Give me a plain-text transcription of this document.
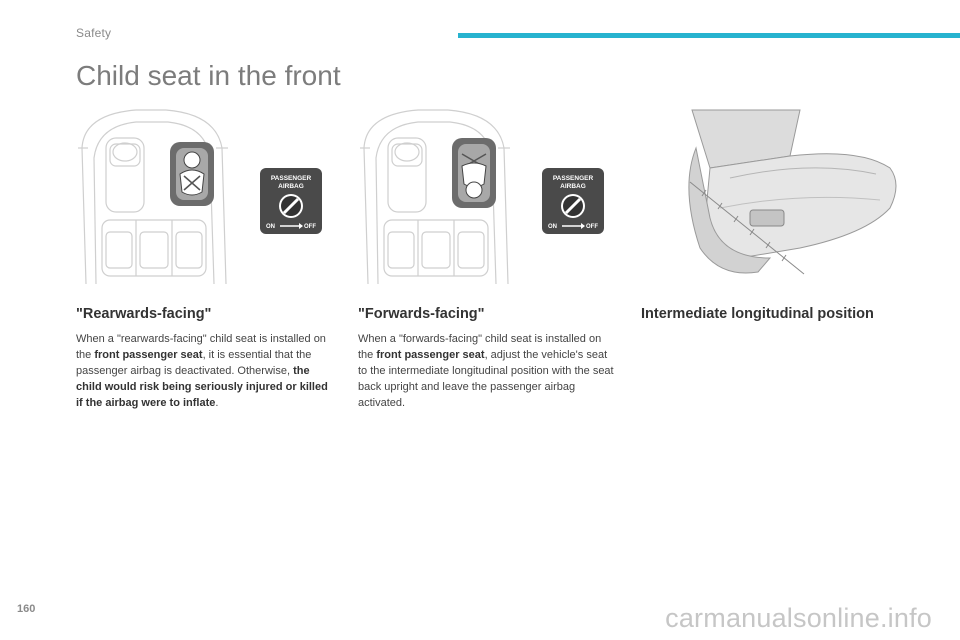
Safety
Child seat in the front
PASSENGER
AIRBAG
ON	OFF
PASSENGER
AIRBAG
ON	OFF
"Rearwards-facing"

When a "rearwards-facing" child seat is installed on the front passenger seat, it is essential that the passenger airbag is deactivated. Otherwise, the child would risk being seriously injured or killed if the airbag were to inflate.

"Forwards-facing"

When a "forwards-facing" child seat is installed on the front passenger seat, adjust the vehicle's seat to the intermediate longitudinal position with the seat back upright and leave the passenger airbag activated.

Intermediate longitudinal position
160	carmanualsonline.info
